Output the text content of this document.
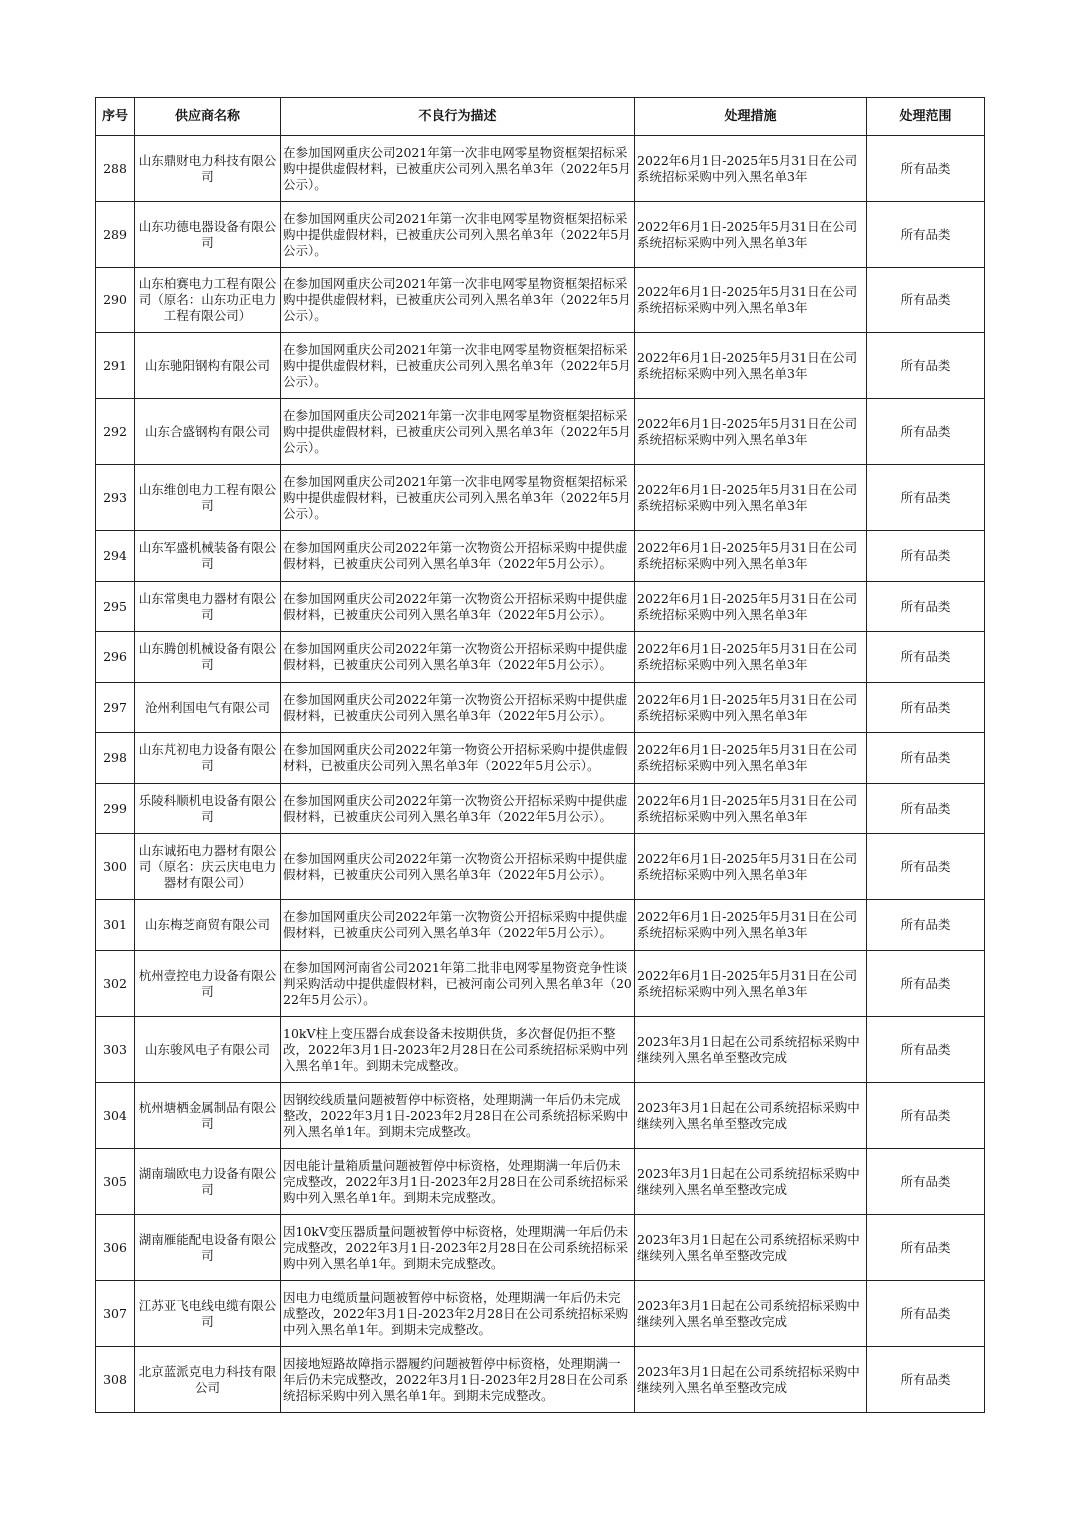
序号	供应商名称	不良行为描述	处理措施	处理范围
288	山东鼎财电力科技有限公司	在参加国网重庆公司2021年第一次非电网零星物资框架招标采购中提供虚假材料，已被重庆公司列入黑名单3年（2022年5月公示）。	2022年6月1日-2025年5月31日在公司系统招标采购中列入黑名单3年	所有品类
289	山东功德电器设备有限公司	在参加国网重庆公司2021年第一次非电网零星物资框架招标采购中提供虚假材料，已被重庆公司列入黑名单3年（2022年5月公示）。	2022年6月1日-2025年5月31日在公司系统招标采购中列入黑名单3年	所有品类
290	山东柏赛电力工程有限公司（原名：山东功正电力工程有限公司）	在参加国网重庆公司2021年第一次非电网零星物资框架招标采购中提供虚假材料，已被重庆公司列入黑名单3年（2022年5月公示）。	2022年6月1日-2025年5月31日在公司系统招标采购中列入黑名单3年	所有品类
291	山东驰阳钢构有限公司	在参加国网重庆公司2021年第一次非电网零星物资框架招标采购中提供虚假材料，已被重庆公司列入黑名单3年（2022年5月公示）。	2022年6月1日-2025年5月31日在公司系统招标采购中列入黑名单3年	所有品类
292	山东合盛钢构有限公司	在参加国网重庆公司2021年第一次非电网零星物资框架招标采购中提供虚假材料，已被重庆公司列入黑名单3年（2022年5月公示）。	2022年6月1日-2025年5月31日在公司系统招标采购中列入黑名单3年	所有品类
293	山东维创电力工程有限公司	在参加国网重庆公司2021年第一次非电网零星物资框架招标采购中提供虚假材料，已被重庆公司列入黑名单3年（2022年5月公示）。	2022年6月1日-2025年5月31日在公司系统招标采购中列入黑名单3年	所有品类
294	山东军盛机械装备有限公司	在参加国网重庆公司2022年第一次物资公开招标采购中提供虚假材料，已被重庆公司列入黑名单3年（2022年5月公示）。	2022年6月1日-2025年5月31日在公司系统招标采购中列入黑名单3年	所有品类
295	山东常奥电力器材有限公司	在参加国网重庆公司2022年第一次物资公开招标采购中提供虚假材料，已被重庆公司列入黑名单3年（2022年5月公示）。	2022年6月1日-2025年5月31日在公司系统招标采购中列入黑名单3年	所有品类
296	山东腾创机械设备有限公司	在参加国网重庆公司2022年第一次物资公开招标采购中提供虚假材料，已被重庆公司列入黑名单3年（2022年5月公示）。	2022年6月1日-2025年5月31日在公司系统招标采购中列入黑名单3年	所有品类
297	沧州利国电气有限公司	在参加国网重庆公司2022年第一次物资公开招标采购中提供虚假材料，已被重庆公司列入黑名单3年（2022年5月公示）。	2022年6月1日-2025年5月31日在公司系统招标采购中列入黑名单3年	所有品类
298	山东芃初电力设备有限公司	在参加国网重庆公司2022年第一物资公开招标采购中提供虚假材料，已被重庆公司列入黑名单3年（2022年5月公示）。	2022年6月1日-2025年5月31日在公司系统招标采购中列入黑名单3年	所有品类
299	乐陵科顺机电设备有限公司	在参加国网重庆公司2022年第一次物资公开招标采购中提供虚假材料，已被重庆公司列入黑名单3年（2022年5月公示）。	2022年6月1日-2025年5月31日在公司系统招标采购中列入黑名单3年	所有品类
300	山东诚拓电力器材有限公司（原名：庆云庆电电力器材有限公司）	在参加国网重庆公司2022年第一次物资公开招标采购中提供虚假材料，已被重庆公司列入黑名单3年（2022年5月公示）。	2022年6月1日-2025年5月31日在公司系统招标采购中列入黑名单3年	所有品类
301	山东梅芝商贸有限公司	在参加国网重庆公司2022年第一次物资公开招标采购中提供虚假材料，已被重庆公司列入黑名单3年（2022年5月公示）。	2022年6月1日-2025年5月31日在公司系统招标采购中列入黑名单3年	所有品类
302	杭州壹控电力设备有限公司	在参加国网河南省公司2021年第二批非电网零星物资竞争性谈判采购活动中提供虚假材料，已被河南公司列入黑名单3年（2022年5月公示）。	2022年6月1日-2025年5月31日在公司系统招标采购中列入黑名单3年	所有品类
303	山东骏风电子有限公司	10kV柱上变压器台成套设备未按期供货，多次督促仍拒不整改，2022年3月1日-2023年2月28日在公司系统招标采购中列入黑名单1年。到期未完成整改。	2023年3月1日起在公司系统招标采购中继续列入黑名单至整改完成	所有品类
304	杭州塘栖金属制品有限公司	因钢绞线质量问题被暂停中标资格，处理期满一年后仍未完成整改，2022年3月1日-2023年2月28日在公司系统招标采购中列入黑名单1年。到期未完成整改。	2023年3月1日起在公司系统招标采购中继续列入黑名单至整改完成	所有品类
305	湖南瑞欧电力设备有限公司	因电能计量箱质量问题被暂停中标资格，处理期满一年后仍未完成整改，2022年3月1日-2023年2月28日在公司系统招标采购中列入黑名单1年。到期未完成整改。	2023年3月1日起在公司系统招标采购中继续列入黑名单至整改完成	所有品类
306	湖南雁能配电设备有限公司	因10kV变压器质量问题被暂停中标资格，处理期满一年后仍未完成整改，2022年3月1日-2023年2月28日在公司系统招标采购中列入黑名单1年。到期未完成整改。	2023年3月1日起在公司系统招标采购中继续列入黑名单至整改完成	所有品类
307	江苏亚飞电线电缆有限公司	因电力电缆质量问题被暂停中标资格，处理期满一年后仍未完成整改，2022年3月1日-2023年2月28日在公司系统招标采购中列入黑名单1年。到期未完成整改。	2023年3月1日起在公司系统招标采购中继续列入黑名单至整改完成	所有品类
308	北京蓝派克电力科技有限公司	因接地短路故障指示器履约问题被暂停中标资格，处理期满一年后仍未完成整改，2022年3月1日-2023年2月28日在公司系统招标采购中列入黑名单1年。到期未完成整改。	2023年3月1日起在公司系统招标采购中继续列入黑名单至整改完成	所有品类
